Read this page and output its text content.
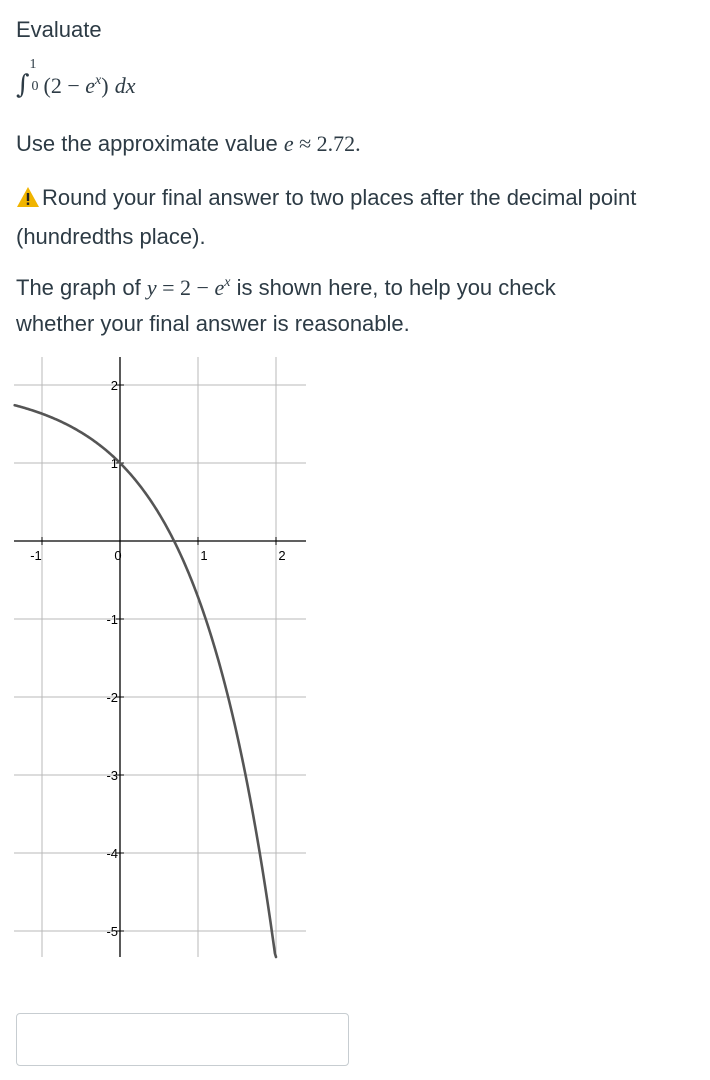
Evaluate
∫
1
0 $(2 - e^x)$ dx
Use the approximate value e ≈ 2.72.
Round your final answer to two places after the decimal point
(hundredths place).
The graph of $y = 2 - e^x$ is shown here, to help you check
whether your final answer is reasonable.
-1	0	1	2
2
1
-1
-2
-3
-4
-5
